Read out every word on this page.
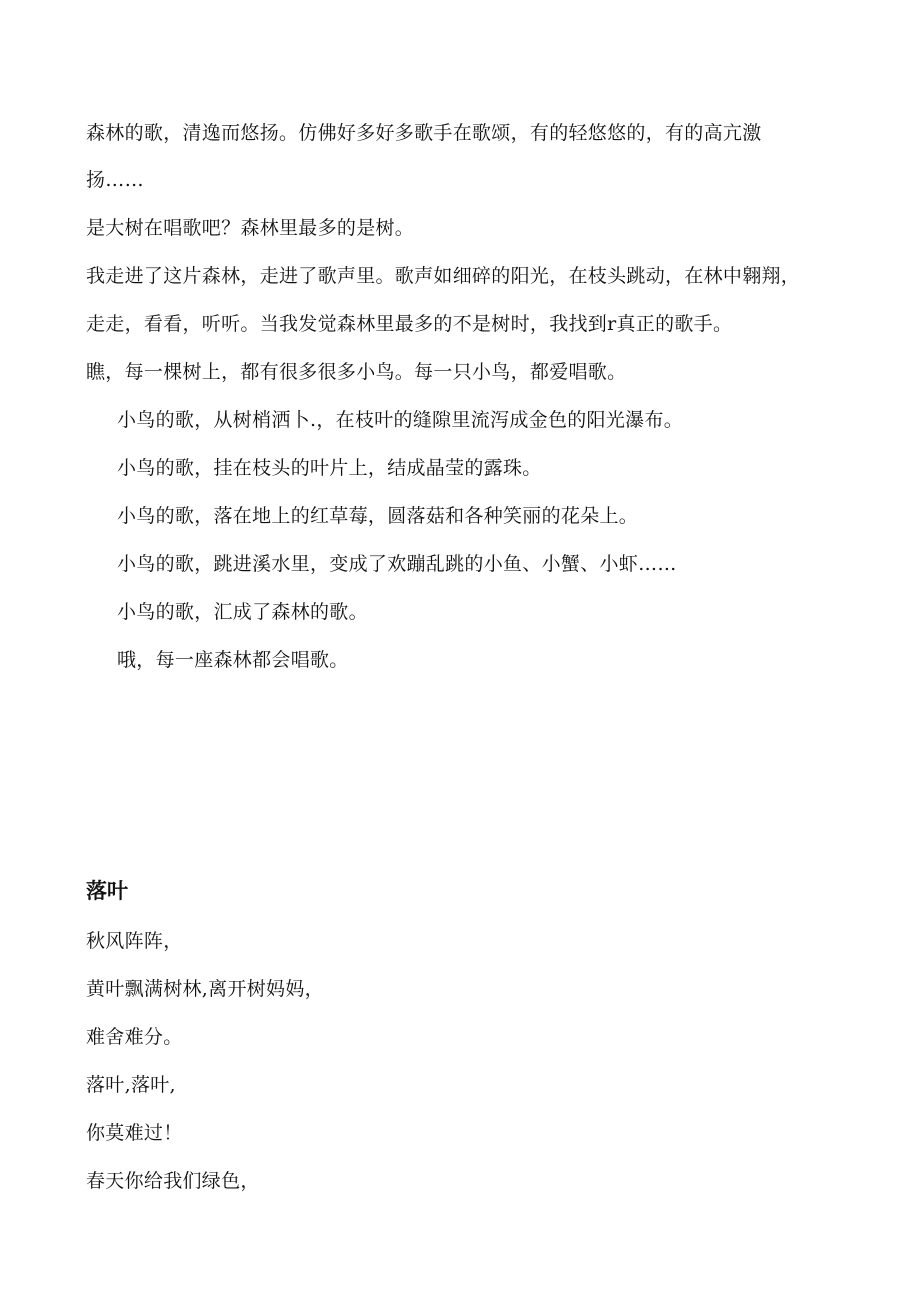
森林的歌，清逸而悠扬。仿佛好多好多歌手在歌颂，有的轻悠悠的，有的高亢激
扬……
是大树在唱歌吧？森林里最多的是树。
我走进了这片森林，走进了歌声里。歌声如细碎的阳光，在枝头跳动，在林中翱翔，
走走，看看，听听。当我发觉森林里最多的不是树时，我找到r真正的歌手。
瞧，每一棵树上，都有很多很多小鸟。每一只小鸟，都爱唱歌。
小鸟的歌，从树梢洒卜.，在枝叶的缝隙里流泻成金色的阳光瀑布。
小鸟的歌，挂在枝头的叶片上，结成晶莹的露珠。
小鸟的歌，落在地上的红草莓，圆落菇和各种笑丽的花朵上。
小鸟的歌，跳进溪水里，变成了欢蹦乱跳的小鱼、小蟹、小虾……
小鸟的歌，汇成了森林的歌。
哦，每一座森林都会唱歌。
落叶
秋风阵阵，
黄叶飘满树林,离开树妈妈，
难舍难分。
落叶,落叶,
你莫难过！
春天你给我们绿色，
